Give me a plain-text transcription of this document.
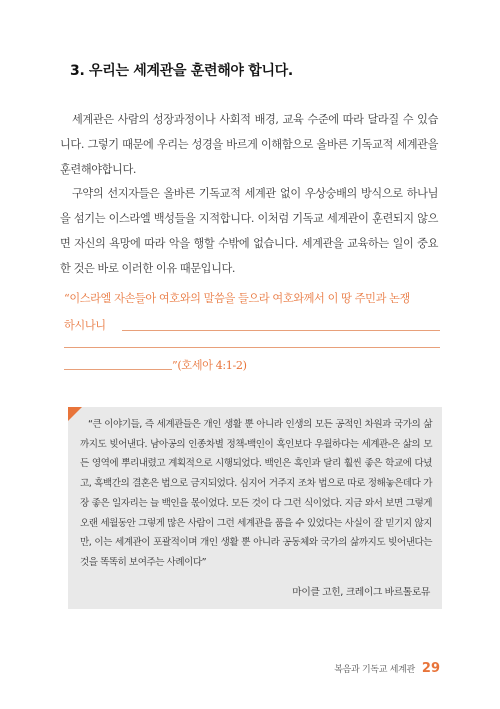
3. 우리는 세계관을 훈련해야 합니다.

세계관은 사람의 성장과정이나 사회적 배경, 교육 수준에 따라 달라질 수 있습니다. 그렇기 때문에 우리는 성경을 바르게 이해함으로 올바른 기독교적 세계관을 훈련해야합니다.

구약의 선지자들은 올바른 기독교적 세계관 없이 우상숭배의 방식으로 하나님을 섬기는 이스라엘 백성들을 지적합니다. 이처럼 기독교 세계관이 훈련되지 않으면 자신의 욕망에 따라 악을 행할 수밖에 없습니다. 세계관을 교육하는 일이 중요한 것은 바로 이러한 이유 때문입니다.

“이스라엘 자손들아 여호와의 말씀을 들으라 여호와께서 이 땅 주민과 논쟁
하시나니
”(호세아 4:1-2)

“큰 이야기들, 즉 세계관들은 개인 생활 뿐 아니라 인생의 모든 공적인 차원과 국가의 삶까지도 빚어낸다. 남아공의 인종차별 정책-백인이 흑인보다 우월하다는 세계관-은 삶의 모든 영역에 뿌리내렸고 계획적으로 시행되었다. 백인은 흑인과 달리 훨씬 좋은 학교에 다녔고, 흑백간의 결혼은 법으로 금지되었다. 심지어 거주지 조차 법으로 따로 정해놓은데다 가장 좋은 일자리는 늘 백인을 몫이었다. 모든 것이 다 그런 식이었다. 지금 와서 보면 그렇게 오랜 세월동안 그렇게 많은 사람이 그런 세계관을 품을 수 있었다는 사실이 잘 믿기지 않지만, 이는 세계관이 포괄적이며 개인 생활 뿐 아니라 공동체와 국가의 삶까지도 빚어낸다는 것을 똑똑히 보여주는 사례이다”

마이클 고힌, 크레이그 바르톨로뮤
복음과 기독교 세계관 29
